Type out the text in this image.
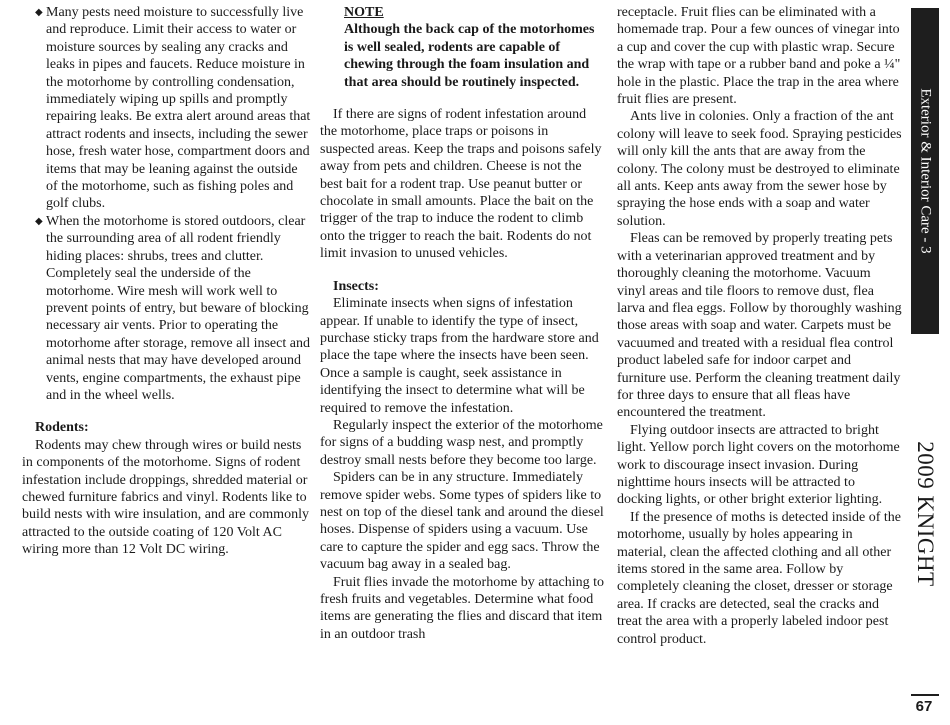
◆ Many pests need moisture to successfully live and reproduce. Limit their access to water or moisture sources by sealing any cracks and leaks in pipes and faucets. Reduce moisture in the motorhome by controlling condensation, immediately wiping up spills and promptly repairing leaks. Be extra alert around areas that attract rodents and insects, including the sewer hose, fresh water hose, compartment doors and items that may be leaning against the outside of the motorhome, such as fishing poles and golf clubs.

◆ When the motorhome is stored outdoors, clear the surrounding area of all rodent friendly hiding places: shrubs, trees and clutter. Completely seal the underside of the motorhome. Wire mesh will work well to prevent points of entry, but beware of blocking necessary air vents. Prior to operating the motorhome after storage, remove all insect and animal nests that may have developed around vents, engine compartments, the exhaust pipe and in the wheel wells.

Rodents:

Rodents may chew through wires or build nests in components of the motorhome. Signs of rodent infestation include droppings, shredded material or chewed furniture fabrics and vinyl. Rodents like to build nests with wire insulation, and are commonly attracted to the outside coating of 120 Volt AC wiring more than 12 Volt DC wiring.

NOTE

Although the back cap of the motorhomes is well sealed, rodents are capable of chewing through the foam insulation and that area should be routinely inspected.

If there are signs of rodent infestation around the motorhome, place traps or poisons in suspected areas. Keep the traps and poisons safely away from pets and children. Cheese is not the best bait for a rodent trap. Use peanut butter or chocolate in small amounts. Place the bait on the trigger of the trap to induce the rodent to climb onto the trigger to reach the bait. Rodents do not limit invasion to unused vehicles.

Insects:

Eliminate insects when signs of infestation appear. If unable to identify the type of insect, purchase sticky traps from the hardware store and place the tape where the insects have been seen. Once a sample is caught, seek assistance in identifying the insect to determine what will be required to remove the infestation.

Regularly inspect the exterior of the motorhome for signs of a budding wasp nest, and promptly destroy small nests before they become too large.

Spiders can be in any structure. Immediately remove spider webs. Some types of spiders like to nest on top of the diesel tank and around the diesel hoses. Dispense of spiders using a vacuum. Use care to capture the spider and egg sacs. Throw the vacuum bag away in a sealed bag.

Fruit flies invade the motorhome by attaching to fresh fruits and vegetables. Determine what food items are generating the flies and discard that item in an outdoor trash

receptacle. Fruit flies can be eliminated with a homemade trap. Pour a few ounces of vinegar into a cup and cover the cup with plastic wrap. Secure the wrap with tape or a rubber band and poke a ¼" hole in the plastic. Place the trap in the area where fruit flies are present.

Ants live in colonies. Only a fraction of the ant colony will leave to seek food. Spraying pesticides will only kill the ants that are away from the colony. The colony must be destroyed to eliminate all ants. Keep ants away from the sewer hose by spraying the hose ends with a soap and water solution.

Fleas can be removed by properly treating pets with a veterinarian approved treatment and by thoroughly cleaning the motorhome. Vacuum vinyl areas and tile floors to remove dust, flea larva and flea eggs. Follow by thoroughly washing those areas with soap and water. Carpets must be vacuumed and treated with a residual flea control product labeled safe for indoor carpet and furniture use. Perform the cleaning treatment daily for three days to ensure that all fleas have encountered the treatment.

Flying outdoor insects are attracted to bright light. Yellow porch light covers on the motorhome work to discourage insect invasion. During nighttime hours insects will be attracted to docking lights, or other bright exterior lighting.

If the presence of moths is detected inside of the motorhome, usually by holes appearing in material, clean the affected clothing and all other items stored in the same area. Follow by completely cleaning the closet, dresser or storage area. If cracks are detected, seal the cracks and treat the area with a properly labeled indoor pest control product.

Exterior & Interior Care - 3
2009 KNIGHT
67
